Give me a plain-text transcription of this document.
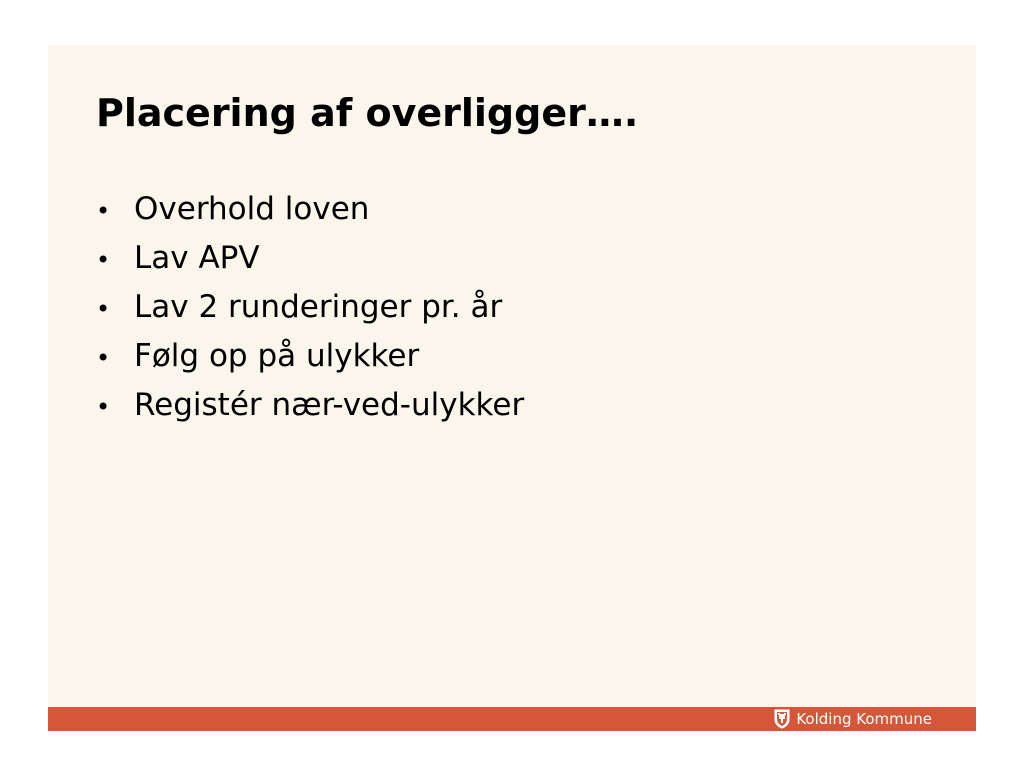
Placering af overligger….
• Overhold loven
• Lav APV
• Lav 2 runderinger pr. år
• Følg op på ulykker
• Registér nær-ved-ulykker
Kolding Kommune
